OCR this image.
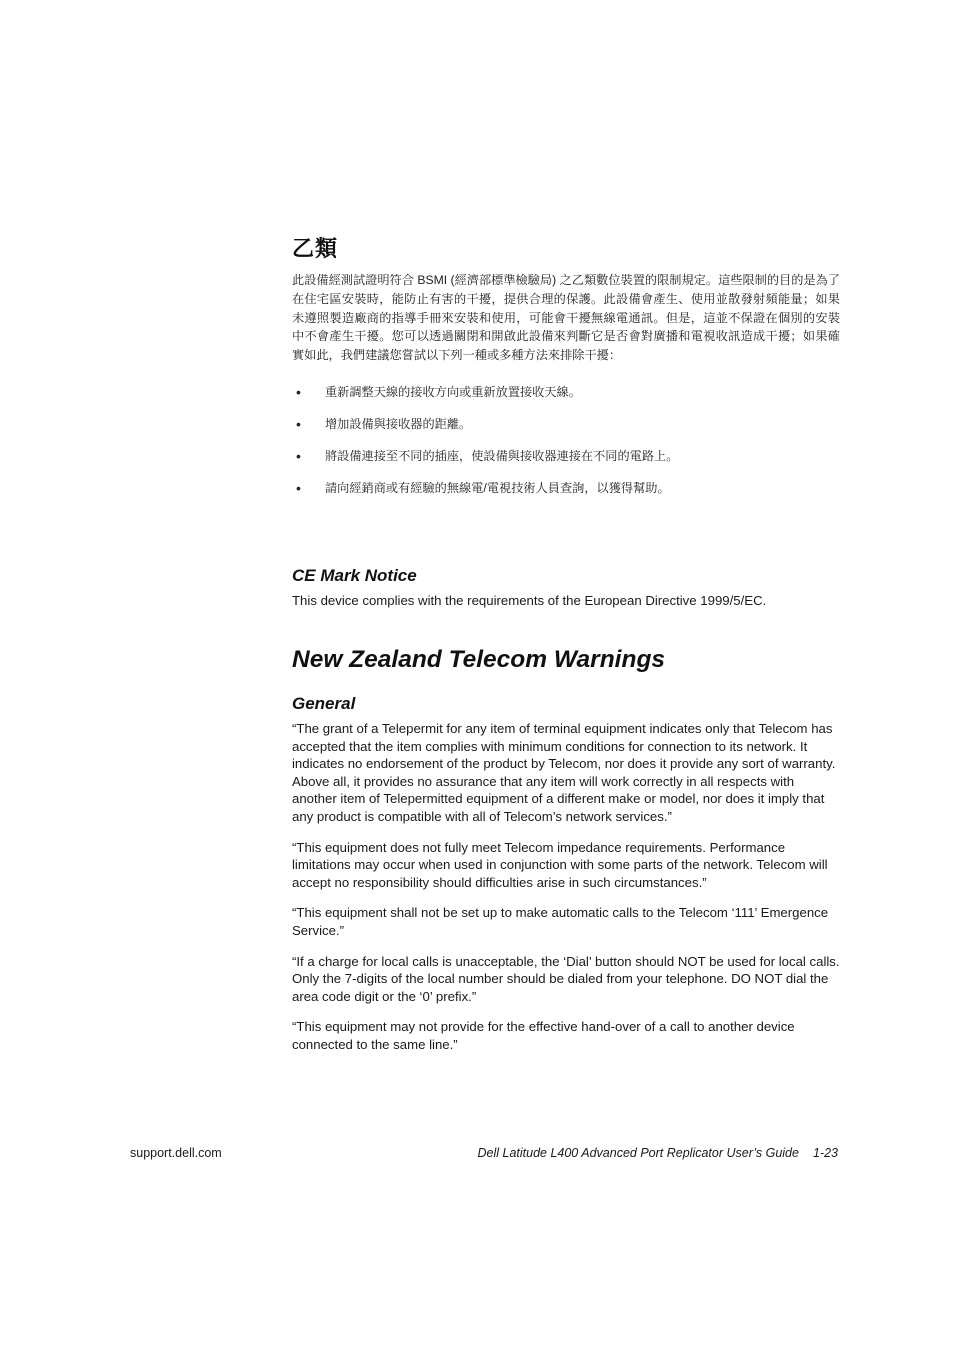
乙類

此設備經測試證明符合 BSMI (經濟部標準檢驗局) 之乙類數位裝置的限制規定。這些限制的目的是為了在住宅區安裝時，能防止有害的干擾，提供合理的保護。此設備會產生、使用並散發射頻能量；如果未遵照製造廠商的指導手冊來安裝和使用，可能會干擾無線電通訊。但是，這並不保證在個別的安裝中不會產生干擾。您可以透過關閉和開啟此設備來判斷它是否會對廣播和電視收訊造成干擾；如果確實如此，我們建議您嘗試以下列一種或多種方法來排除干擾：

• 重新調整天線的接收方向或重新放置接收天線。
• 增加設備與接收器的距離。
• 將設備連接至不同的插座，使設備與接收器連接在不同的電路上。
• 請向經銷商或有經驗的無線電/電視技術人員查詢，以獲得幫助。
CE Mark Notice

This device complies with the requirements of the European Directive 1999/5/EC.

New Zealand Telecom Warnings
General

“The grant of a Telepermit for any item of terminal equipment indicates only that Telecom has accepted that the item complies with minimum conditions for connection to its network. It indicates no endorsement of the product by Telecom, nor does it provide any sort of warranty. Above all, it provides no assurance that any item will work correctly in all respects with another item of Telepermitted equipment of a different make or model, nor does it imply that any product is compatible with all of Telecom’s network services.”

“This equipment does not fully meet Telecom impedance requirements. Performance limitations may occur when used in conjunction with some parts of the network. Telecom will accept no responsibility should difficulties arise in such circumstances.”

“This equipment shall not be set up to make automatic calls to the Telecom ‘111’ Emergence Service.”

“If a charge for local calls is unacceptable, the ‘Dial’ button should NOT be used for local calls. Only the 7-digits of the local number should be dialed from your telephone. DO NOT dial the area code digit or the ‘0’ prefix.”

“This equipment may not provide for the effective hand-over of a call to another device connected to the same line.”

support.dell.com	Dell Latitude L400 Advanced Port Replicator User’s Guide 1-23
